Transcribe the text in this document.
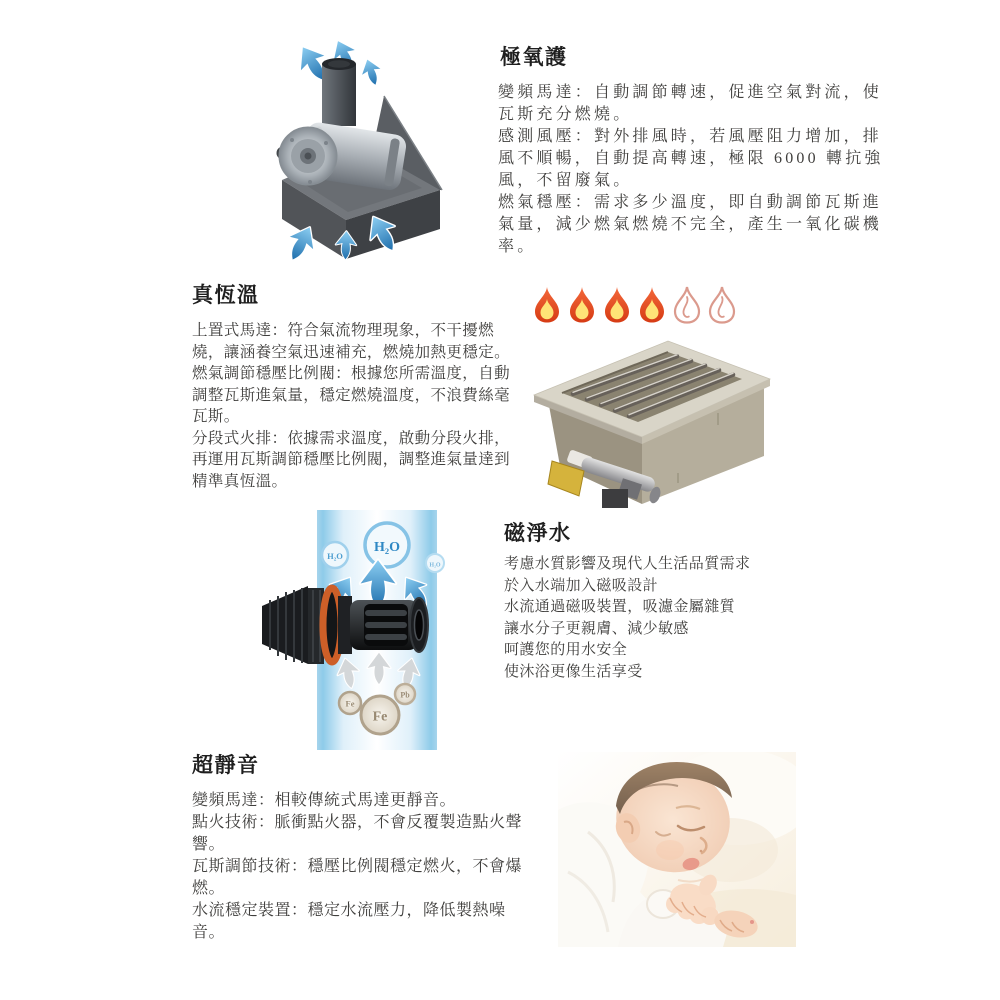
極氧護

變頻馬達：自動調節轉速，促進空氣對流，使瓦斯充分燃燒。

感測風壓：對外排風時，若風壓阻力增加，排風不順暢，自動提高轉速，極限 6000 轉抗強風，不留廢氣。

燃氣穩壓：需求多少溫度，即自動調節瓦斯進氣量，減少燃氣燃燒不完全，產生一氧化碳機率。

真恆溫

上置式馬達：符合氣流物理現象，不干擾燃燒，讓涵養空氣迅速補充，燃燒加熱更穩定。

燃氣調節穩壓比例閥：根據您所需溫度，自動調整瓦斯進氣量，穩定燃燒溫度，不浪費絲毫瓦斯。

分段式火排：依據需求溫度，啟動分段火排，再運用瓦斯調節穩壓比例閥，調整進氣量達到精準真恆溫。

H₂O
H₂O
H₂O
Fe
Fe
Pb
磁淨水

考慮水質影響及現代人生活品質需求

於入水端加入磁吸設計

水流通過磁吸裝置，吸濾金屬雜質

讓水分子更親膚、減少敏感

呵護您的用水安全

使沐浴更像生活享受

超靜音

變頻馬達：相較傳統式馬達更靜音。

點火技術：脈衝點火器，不會反覆製造點火聲響。

瓦斯調節技術：穩壓比例閥穩定燃火，不會爆燃。

水流穩定裝置：穩定水流壓力，降低製熱噪音。
